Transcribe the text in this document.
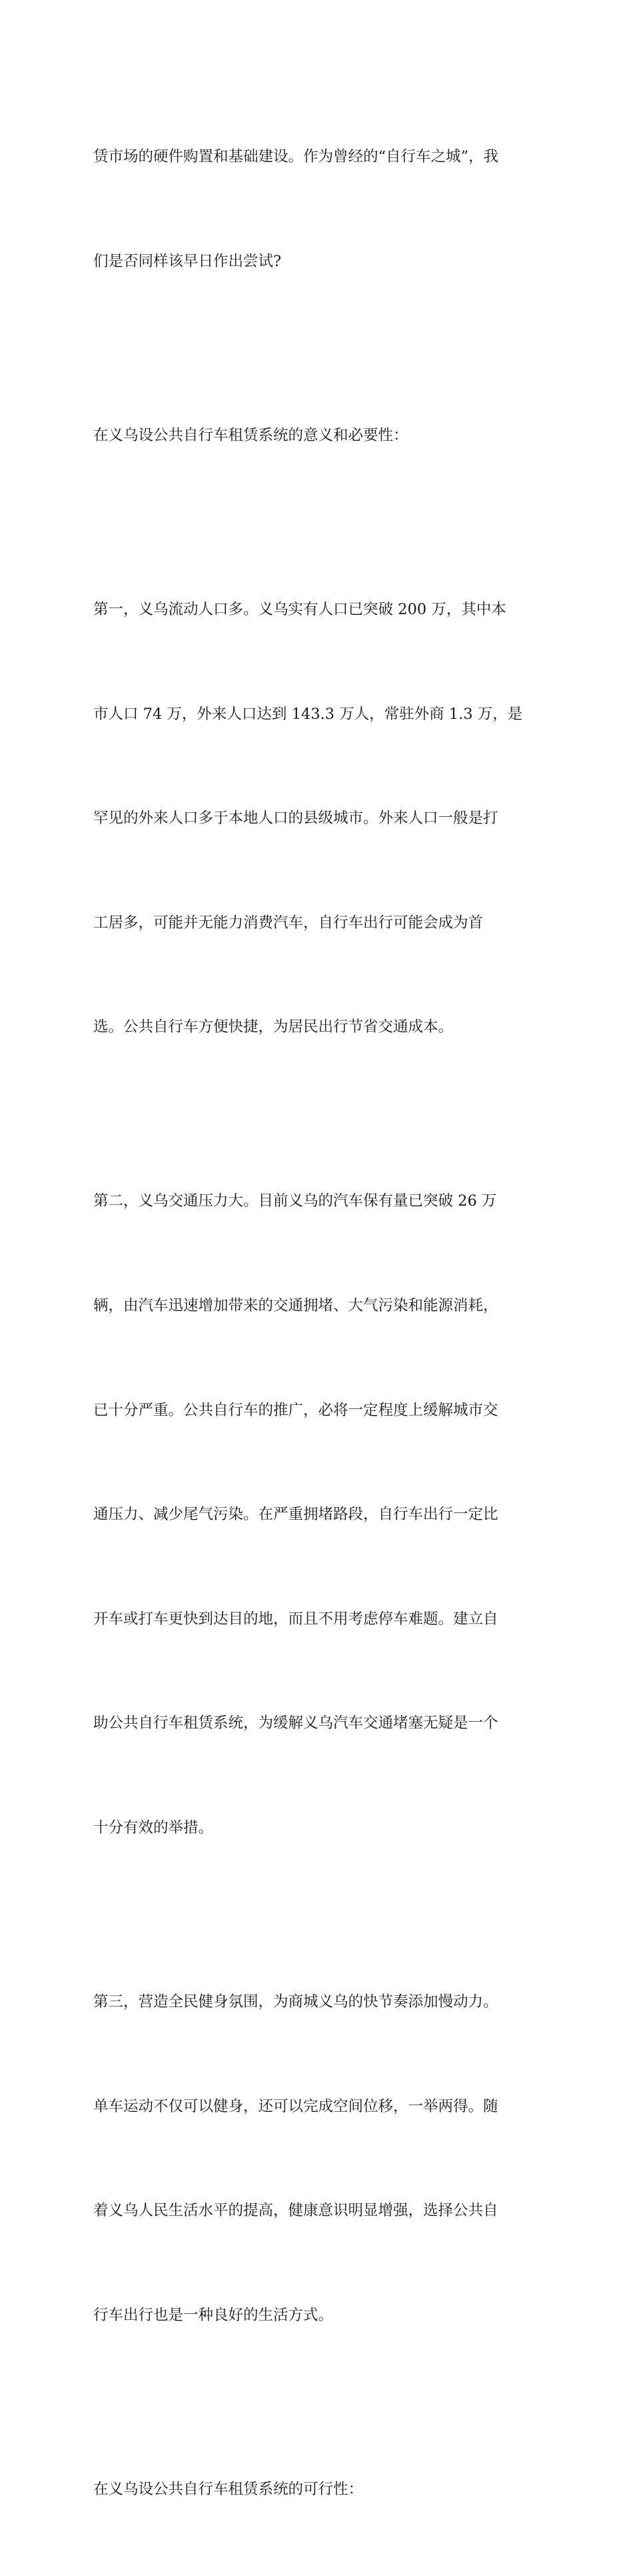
赁市场的硬件购置和基础建设。作为曾经的“自行车之城”，我

们是否同样该早日作出尝试?

在义乌设公共自行车租赁系统的意义和必要性：

第一，义乌流动人口多。义乌实有人口已突破 200 万，其中本

市人口 74 万，外来人口达到 143.3 万人，常驻外商 1.3 万，是

罕见的外来人口多于本地人口的县级城市。外来人口一般是打

工居多，可能并无能力消费汽车，自行车出行可能会成为首

选。公共自行车方便快捷，为居民出行节省交通成本。

第二，义乌交通压力大。目前义乌的汽车保有量已突破 26 万

辆，由汽车迅速增加带来的交通拥堵、大气污染和能源消耗，

已十分严重。公共自行车的推广，必将一定程度上缓解城市交

通压力、减少尾气污染。在严重拥堵路段，自行车出行一定比

开车或打车更快到达目的地，而且不用考虑停车难题。建立自

助公共自行车租赁系统，为缓解义乌汽车交通堵塞无疑是一个

十分有效的举措。

第三，营造全民健身氛围，为商城义乌的快节奏添加慢动力。

单车运动不仅可以健身，还可以完成空间位移，一举两得。随

着义乌人民生活水平的提高，健康意识明显增强，选择公共自

行车出行也是一种良好的生活方式。

在义乌设公共自行车租赁系统的可行性：
